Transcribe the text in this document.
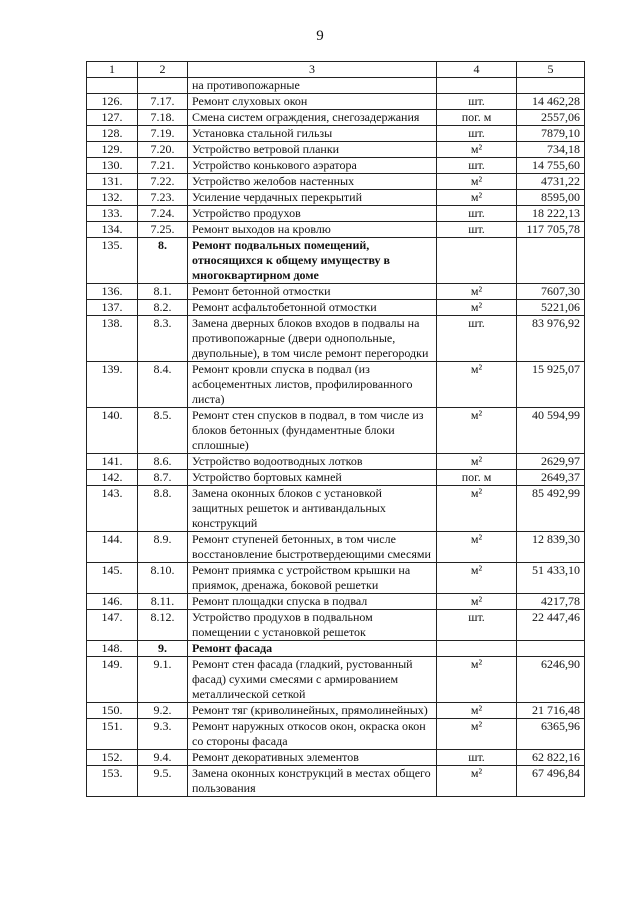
9
1	2	3	4	5
		на противопожарные		
126.	7.17.	Ремонт слуховых окон	шт.	14 462,28
127.	7.18.	Смена систем ограждения, снегозадержания	пог. м	2557,06
128.	7.19.	Установка стальной гильзы	шт.	7879,10
129.	7.20.	Устройство ветровой планки	м²	734,18
130.	7.21.	Устройство конькового аэратора	шт.	14 755,60
131.	7.22.	Устройство желобов настенных	м²	4731,22
132.	7.23.	Усиление чердачных перекрытий	м²	8595,00
133.	7.24.	Устройство продухов	шт.	18 222,13
134.	7.25.	Ремонт выходов на кровлю	шт.	117 705,78
135.	8.	Ремонт подвальных помещений, относящихся к общему имуществу в многоквартирном доме		
136.	8.1.	Ремонт бетонной отмостки	м²	7607,30
137.	8.2.	Ремонт асфальтобетонной отмостки	м²	5221,06
138.	8.3.	Замена дверных блоков входов в подвалы на противопожарные (двери однопольные, двупольные), в том числе ремонт перегородки	шт.	83 976,92
139.	8.4.	Ремонт кровли спуска в подвал (из асбоцементных листов, профилированного листа)	м²	15 925,07
140.	8.5.	Ремонт стен спусков в подвал, в том числе из блоков бетонных (фундаментные блоки сплошные)	м²	40 594,99
141.	8.6.	Устройство водоотводных лотков	м²	2629,97
142.	8.7.	Устройство бортовых камней	пог. м	2649,37
143.	8.8.	Замена оконных блоков с установкой защитных решеток и антивандальных конструкций	м²	85 492,99
144.	8.9.	Ремонт ступеней бетонных, в том числе восстановление быстротвердеющими смесями	м²	12 839,30
145.	8.10.	Ремонт приямка с устройством крышки на приямок, дренажа, боковой решетки	м²	51 433,10
146.	8.11.	Ремонт площадки спуска в подвал	м²	4217,78
147.	8.12.	Устройство продухов в подвальном помещении с установкой решеток	шт.	22 447,46
148.	9.	Ремонт фасада		
149.	9.1.	Ремонт стен фасада (гладкий, рустованный фасад) сухими смесями с армированием металлической сеткой	м²	6246,90
150.	9.2.	Ремонт тяг (криволинейных, прямолинейных)	м²	21 716,48
151.	9.3.	Ремонт наружных откосов окон, окраска окон со стороны фасада	м²	6365,96
152.	9.4.	Ремонт декоративных элементов	шт.	62 822,16
153.	9.5.	Замена оконных конструкций в местах общего пользования	м²	67 496,84
